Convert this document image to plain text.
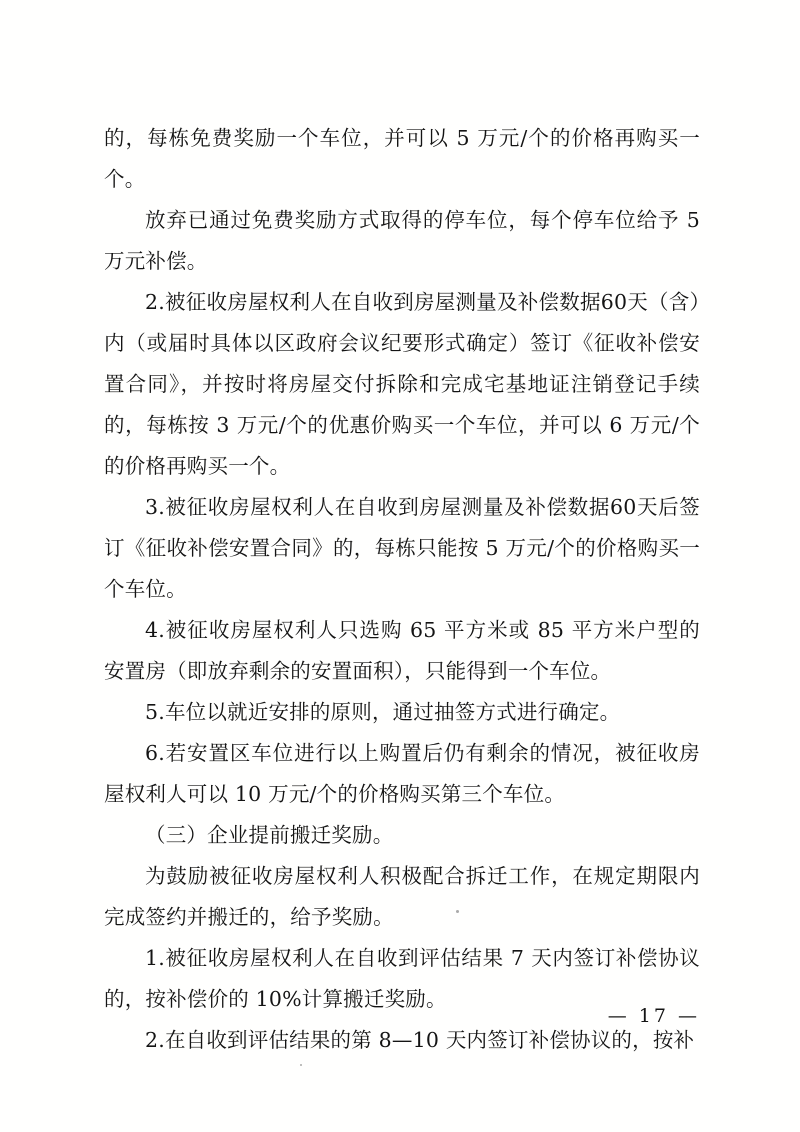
的，每栋免费奖励一个车位，并可以 5 万元/个的价格再购买一个。

放弃已通过免费奖励方式取得的停车位，每个停车位给予 5 万元补偿。

2.被征收房屋权利人在自收到房屋测量及补偿数据60天（含）内（或届时具体以区政府会议纪要形式确定）签订《征收补偿安置合同》，并按时将房屋交付拆除和完成宅基地证注销登记手续的，每栋按 3 万元/个的优惠价购买一个车位，并可以 6 万元/个的价格再购买一个。

3.被征收房屋权利人在自收到房屋测量及补偿数据60天后签订《征收补偿安置合同》的，每栋只能按 5 万元/个的价格购买一个车位。

4.被征收房屋权利人只选购 65 平方米或 85 平方米户型的安置房（即放弃剩余的安置面积），只能得到一个车位。

5.车位以就近安排的原则，通过抽签方式进行确定。

6.若安置区车位进行以上购置后仍有剩余的情况，被征收房屋权利人可以 10 万元/个的价格购买第三个车位。

（三）企业提前搬迁奖励。

为鼓励被征收房屋权利人积极配合拆迁工作，在规定期限内完成签约并搬迁的，给予奖励。

1.被征收房屋权利人在自收到评估结果 7 天内签订补偿协议的，按补偿价的 10%计算搬迁奖励。

2.在自收到评估结果的第 8—10 天内签订补偿协议的，按补

— 17 —
